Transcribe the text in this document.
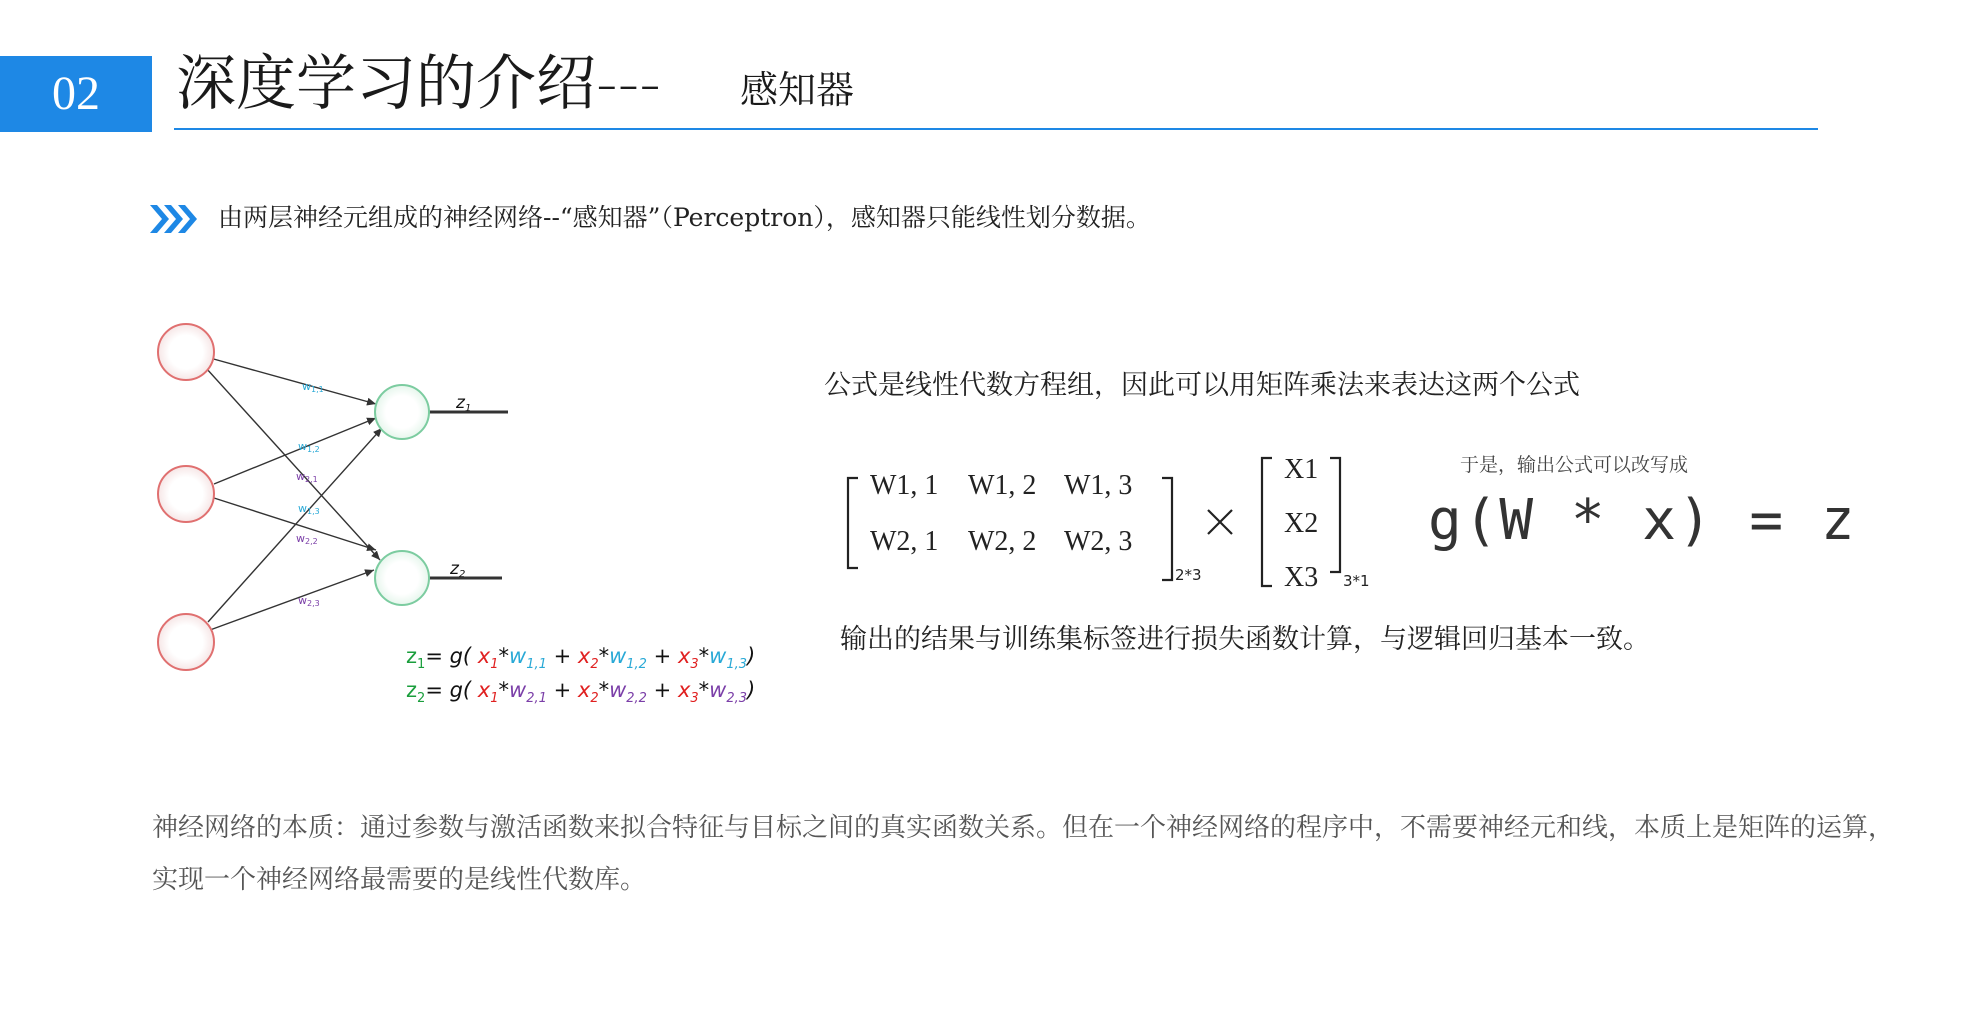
02	深度学习的介绍--- 感知器
由两层神经元组成的神经网络--“感知器”（Perceptron），感知器只能线性划分数据。
z1
z2
w1,1
w1,2
w2,1
w1,3
w2,2
w2,3
$z_1= g$( $x_1*w_{1,1} + x_2*w_{1,2} + x_3*w_{1,3}$)
$z_2= g$( $x_1*w_{2,1} + x_2*w_{2,2} + x_3*w_{2,3}$)
公式是线性代数方程组，因此可以用矩阵乘法来表达这两个公式
W1, 1 W1, 2 W1, 3
W2, 1 W2, 2 W2, 3
X1
X2
X3
2*3	3*1
于是，输出公式可以改写成
g(W * x) = z
输出的结果与训练集标签进行损失函数计算，与逻辑回归基本一致。
神经网络的本质：通过参数与激活函数来拟合特征与目标之间的真实函数关系。但在一个神经网络的程序中，不需要神经元和线，本质上是矩阵的运算，实现一个神经网络最需要的是线性代数库。
